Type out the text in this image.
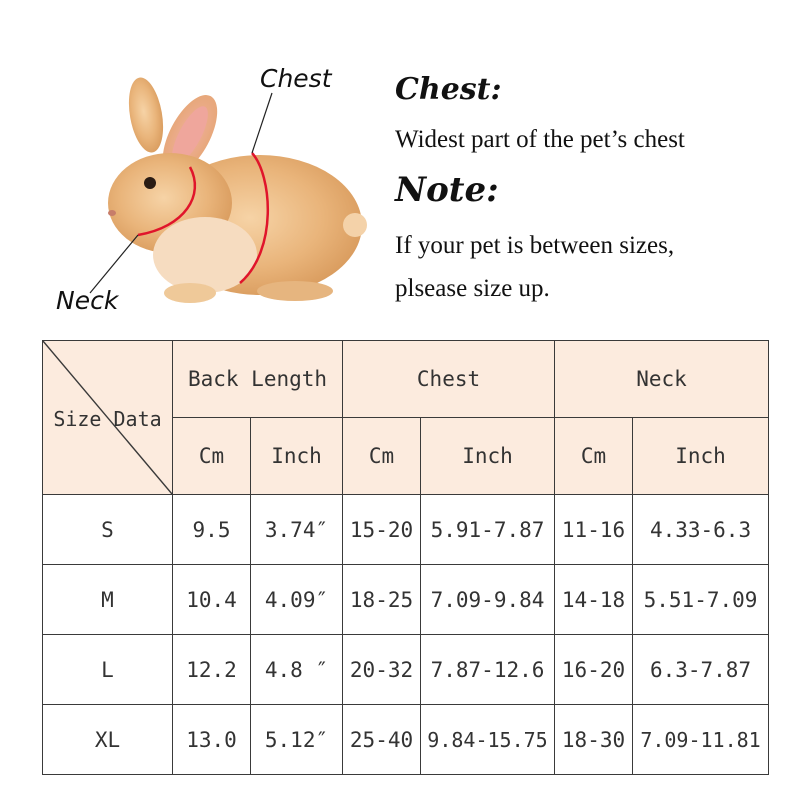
Chest
Neck
Chest:
Widest part of the pet’s chest
Note:
If your pet is between sizes,
plsease size up.
Size Data	Back Length		Chest		Neck	
	Cm	Inch	Cm	Inch	Cm	Inch
S	9.5	3.74″	15-20	5.91-7.87	11-16	4.33-6.3
M	10.4	4.09″	18-25	7.09-9.84	14-18	5.51-7.09
L	12.2	4.8 ″	20-32	7.87-12.6	16-20	6.3-7.87
XL	13.0	5.12″	25-40	9.84-15.75	18-30	7.09-11.81
